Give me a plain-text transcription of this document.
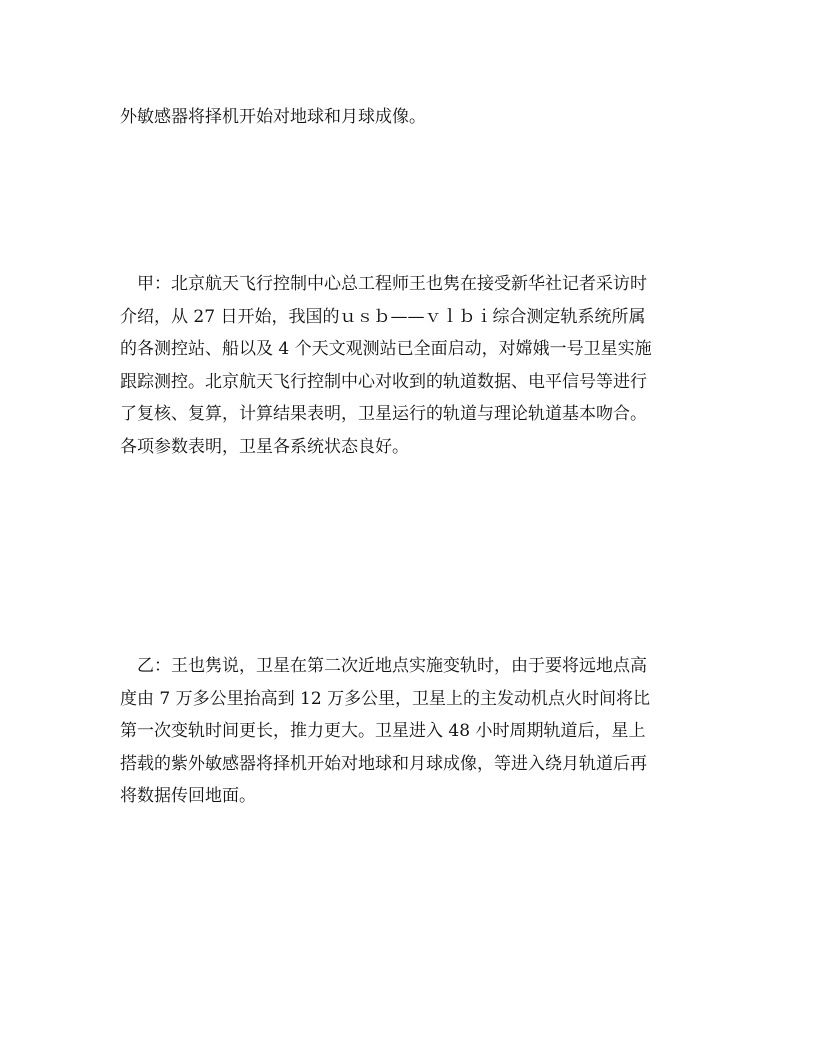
外敏感器将择机开始对地球和月球成像。

　甲：北京航天飞行控制中心总工程师王也隽在接受新华社记者采访时
介绍，从 27 日开始，我国的ｕｓｂ——ｖｌｂｉ综合测定轨系统所属
的各测控站、船以及 4 个天文观测站已全面启动，对嫦娥一号卫星实施
跟踪测控。北京航天飞行控制中心对收到的轨道数据、电平信号等进行
了复核、复算，计算结果表明，卫星运行的轨道与理论轨道基本吻合。
各项参数表明，卫星各系统状态良好。

　乙：王也隽说，卫星在第二次近地点实施变轨时，由于要将远地点高
度由 7 万多公里抬高到 12 万多公里，卫星上的主发动机点火时间将比
第一次变轨时间更长，推力更大。卫星进入 48 小时周期轨道后，星上
搭载的紫外敏感器将择机开始对地球和月球成像，等进入绕月轨道后再
将数据传回地面。
